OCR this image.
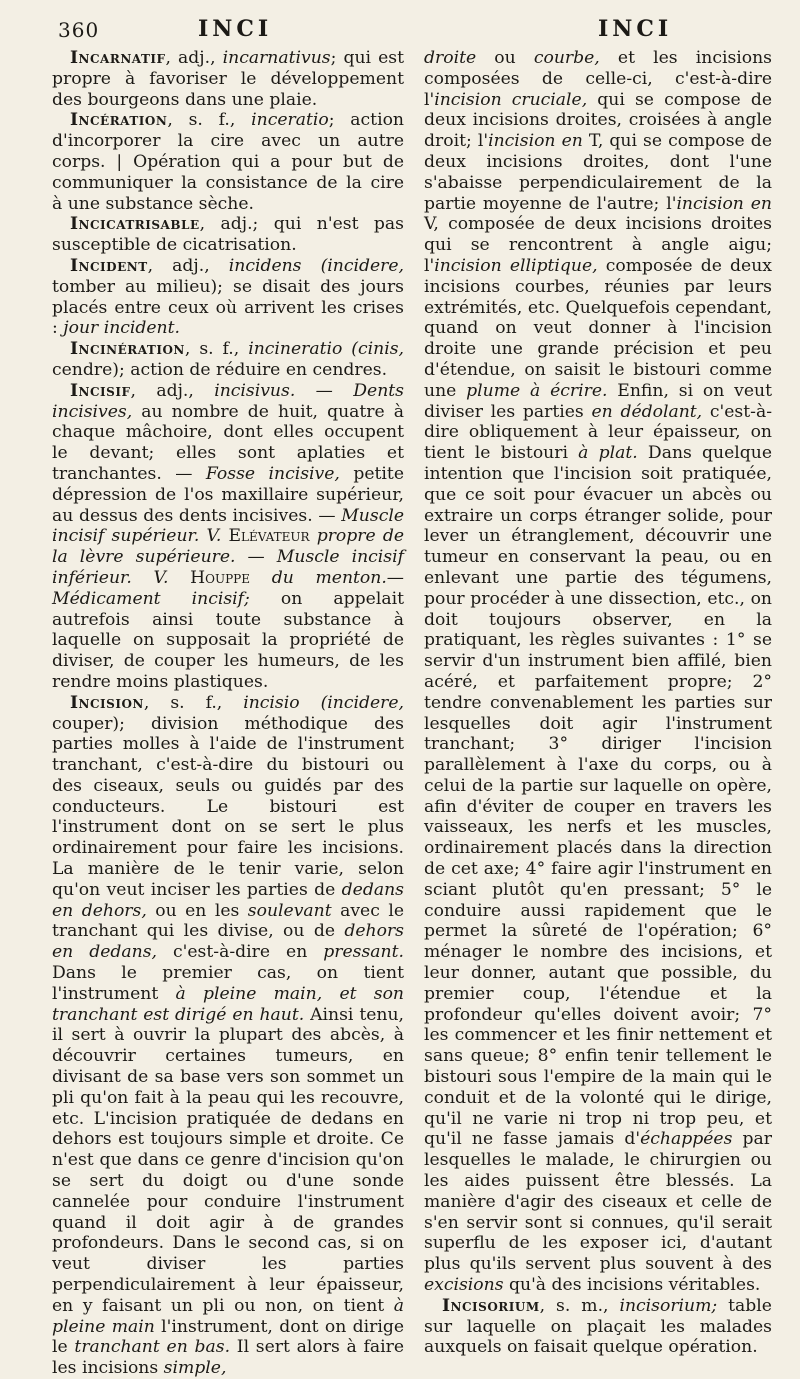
360	INCI	INCI

Incarnatif, adj., incarnativus; qui est propre à favoriser le développement des bourgeons dans une plaie.

Incération, s. f., inceratio; action d'incorporer la cire avec un autre corps. | Opération qui a pour but de communiquer la consistance de la cire à une substance sèche.

Incicatrisable, adj.; qui n'est pas susceptible de cicatrisation.

Incident, adj., incidens (incidere, tomber au milieu); se disait des jours placés entre ceux où arrivent les crises : jour incident.

Incinération, s. f., incineratio (cinis, cendre); action de réduire en cendres.

Incisif, adj., incisivus. — Dents incisives, au nombre de huit, quatre à chaque mâchoire, dont elles occupent le devant; elles sont aplaties et tranchantes. — Fosse incisive, petite dépression de l'os maxillaire supérieur, au dessus des dents incisives. — Muscle incisif supérieur. V. Elévateur propre de la lèvre supérieure. — Muscle incisif inférieur. V. Houppe du menton.—Médicament incisif; on appelait autrefois ainsi toute substance à laquelle on supposait la propriété de diviser, de couper les humeurs, de les rendre moins plastiques.

Incision, s. f., incisio (incidere, couper); division méthodique des parties molles à l'aide de l'instrument tranchant, c'est-à-dire du bistouri ou des ciseaux, seuls ou guidés par des conducteurs. Le bistouri est l'instrument dont on se sert le plus ordinairement pour faire les incisions. La manière de le tenir varie, selon qu'on veut inciser les parties de dedans en dehors, ou en les soulevant avec le tranchant qui les divise, ou de dehors en dedans, c'est-à-dire en pressant. Dans le premier cas, on tient l'instrument à pleine main, et son tranchant est dirigé en haut. Ainsi tenu, il sert à ouvrir la plupart des abcès, à découvrir certaines tumeurs, en divisant de sa base vers son sommet un pli qu'on fait à la peau qui les recouvre, etc. L'incision pratiquée de dedans en dehors est toujours simple et droite. Ce n'est que dans ce genre d'incision qu'on se sert du doigt ou d'une sonde cannelée pour conduire l'instrument quand il doit agir à de grandes profondeurs. Dans le second cas, si on veut diviser les parties perpendiculairement à leur épaisseur, en y faisant un pli ou non, on tient à pleine main l'instrument, dont on dirige le tranchant en bas. Il sert alors à faire les incisions simple,

droite ou courbe, et les incisions composées de celle-ci, c'est-à-dire l'incision cruciale, qui se compose de deux incisions droites, croisées à angle droit; l'incision en T, qui se compose de deux incisions droites, dont l'une s'abaisse perpendiculairement de la partie moyenne de l'autre; l'incision en V, composée de deux incisions droites qui se rencontrent à angle aigu; l'incision elliptique, composée de deux incisions courbes, réunies par leurs extrémités, etc. Quelquefois cependant, quand on veut donner à l'incision droite une grande précision et peu d'étendue, on saisit le bistouri comme une plume à écrire. Enfin, si on veut diviser les parties en dédolant, c'est-à-dire obliquement à leur épaisseur, on tient le bistouri à plat. Dans quelque intention que l'incision soit pratiquée, que ce soit pour évacuer un abcès ou extraire un corps étranger solide, pour lever un étranglement, découvrir une tumeur en conservant la peau, ou en enlevant une partie des tégumens, pour procéder à une dissection, etc., on doit toujours observer, en la pratiquant, les règles suivantes : 1° se servir d'un instrument bien affilé, bien acéré, et parfaitement propre; 2° tendre convenablement les parties sur lesquelles doit agir l'instrument tranchant; 3° diriger l'incision parallèlement à l'axe du corps, ou à celui de la partie sur laquelle on opère, afin d'éviter de couper en travers les vaisseaux, les nerfs et les muscles, ordinairement placés dans la direction de cet axe; 4° faire agir l'instrument en sciant plutôt qu'en pressant; 5° le conduire aussi rapidement que le permet la sûreté de l'opération; 6° ménager le nombre des incisions, et leur donner, autant que possible, du premier coup, l'étendue et la profondeur qu'elles doivent avoir; 7° les commencer et les finir nettement et sans queue; 8° enfin tenir tellement le bistouri sous l'empire de la main qui le conduit et de la volonté qui le dirige, qu'il ne varie ni trop ni trop peu, et qu'il ne fasse jamais d'échappées par lesquelles le malade, le chirurgien ou les aides puissent être blessés. La manière d'agir des ciseaux et celle de s'en servir sont si connues, qu'il serait superflu de les exposer ici, d'autant plus qu'ils servent plus souvent à des excisions qu'à des incisions véritables.

Incisorium, s. m., incisorium; table sur laquelle on plaçait les malades auxquels on faisait quelque opération.
